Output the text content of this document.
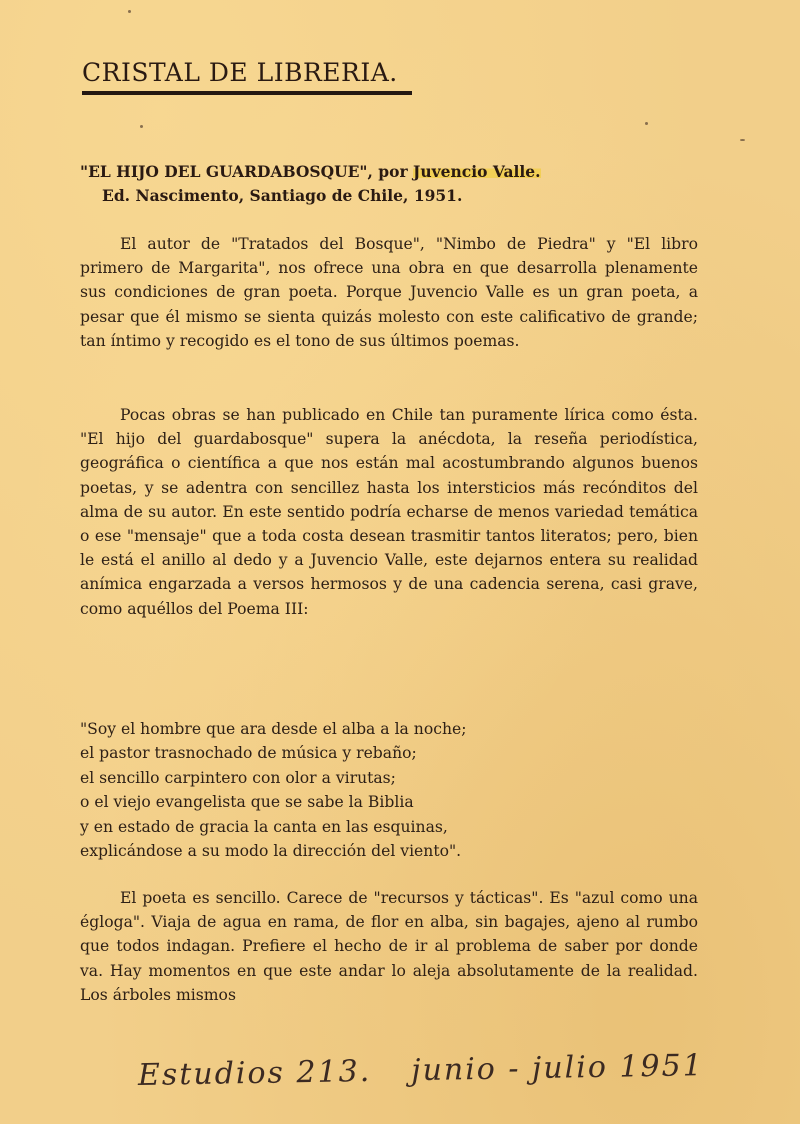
CRISTAL DE LIBRERIA.
"EL HIJO DEL GUARDABOSQUE", por Juvencio Valle.
Ed. Nascimento, Santiago de Chile, 1951.

El autor de "Tratados del Bosque", "Nimbo de Piedra" y "El libro primero de Margarita", nos ofrece una obra en que desarrolla plenamente sus condiciones de gran poeta. Porque Juvencio Valle es un gran poeta, a pesar que él mismo se sienta quizás molesto con este calificativo de grande; tan íntimo y recogido es el tono de sus últimos poemas.

Pocas obras se han publicado en Chile tan puramente lírica como ésta. "El hijo del guardabosque" supera la anécdota, la reseña periodística, geográfica o científica a que nos están mal acostumbrando algunos buenos poetas, y se adentra con sencillez hasta los intersticios más recónditos del alma de su autor. En este sentido podría echarse de menos variedad temática o ese "mensaje" que a toda costa desean trasmitir tantos literatos; pero, bien le está el anillo al dedo y a Juvencio Valle, este dejarnos entera su realidad anímica engarzada a versos hermosos y de una cadencia serena, casi grave, como aquéllos del Poema III:

"Soy el hombre que ara desde el alba a la noche;
el pastor trasnochado de música y rebaño;
el sencillo carpintero con olor a virutas;
o el viejo evangelista que se sabe la Biblia
y en estado de gracia la canta en las esquinas,
explicándose a su modo la dirección del viento".

El poeta es sencillo. Carece de "recursos y tácticas". Es "azul como una égloga". Viaja de agua en rama, de flor en alba, sin bagajes, ajeno al rumbo que todos indagan. Prefiere el hecho de ir al problema de saber por donde va. Hay momentos en que este andar lo aleja absolutamente de la realidad. Los árboles mismos

Estudios 213. junio - julio 1951
